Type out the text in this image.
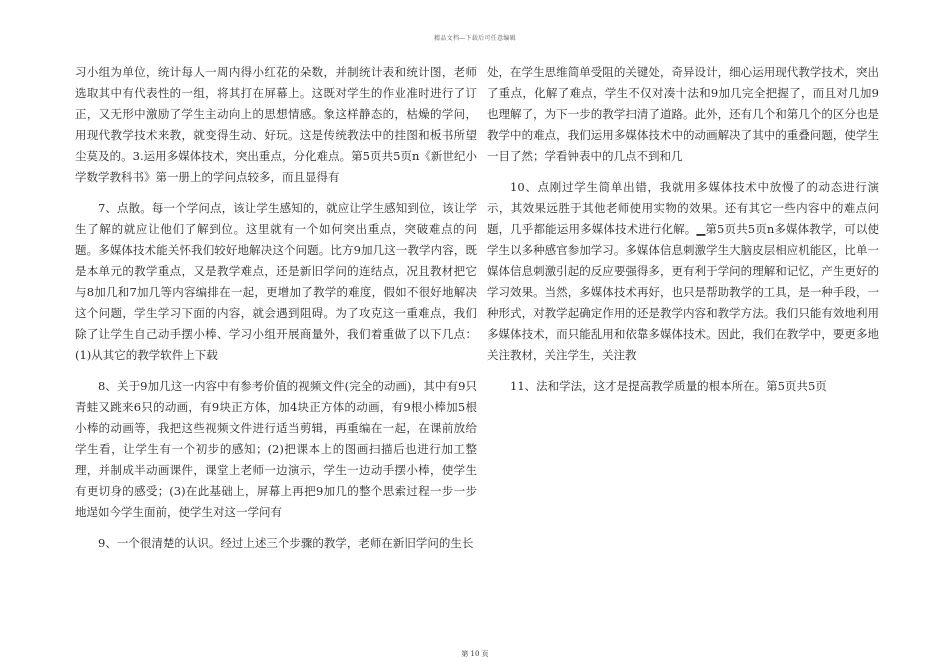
精品文档—下载后可任意编辑

习小组为单位，统计每人一周内得小红花的朵数，并制统计表和统计图，老师选取其中有代表性的一组，将其打在屏幕上。这既对学生的作业准时进行了订正，又无形中激励了学生主动向上的思想情感。象这样静态的，枯燥的学问，用现代教学技术来教，就变得生动、好玩。这是传统教法中的挂图和板书所望尘莫及的。3.运用多媒体技术，突出重点，分化难点。第5页共5页n《新世纪小学数学教科书》第一册上的学问点较多，而且显得有

7、点散。每一个学问点，该让学生感知的，就应让学生感知到位，该让学生了解的就应让他们了解到位。这里就有一个如何突出重点，突破难点的问题。多媒体技术能关怀我们较好地解决这个问题。比方9加几这一教学内容，既是本单元的教学重点，又是教学难点，还是新旧学问的连结点，况且教材把它与8加几和7加几等内容编排在一起，更增加了教学的难度，假如不很好地解决这个问题，学生学习下面的内容，就会遇到阻碍。为了攻克这一重难点，我们除了让学生自己动手摆小棒、学习小组开展商量外，我们着重做了以下几点：(1)从其它的教学软件上下载

8、关于9加几这一内容中有参考价值的视频文件(完全的动画)，其中有9只青蛙又跳来6只的动画，有9块正方体，加4块正方体的动画，有9根小棒加5根小棒的动画等，我把这些视频文件进行适当剪辑，再重编在一起，在课前放给学生看，让学生有一个初步的感知；(2)把课本上的图画扫描后也进行加工整理，并制成半动画课件，课堂上老师一边演示，学生一边动手摆小棒，使学生有更切身的感受；(3)在此基础上，屏幕上再把9加几的整个思索过程一步一步地逞如今学生面前，使学生对这一学问有

9、一个很清楚的认识。经过上述三个步骤的教学，老师在新旧学问的生长

处，在学生思维简单受阻的关键处，奇异设计，细心运用现代教学技术，突出了重点，化解了难点，学生不仅对凑十法和9加几完全把握了，而且对几加9也理解了，为下一步的教学扫清了道路。此外，还有几个和第几个的区分也是教学中的难点，我们运用多媒体技术中的动画解决了其中的重叠问题，使学生一目了然；学看钟表中的几点不到和几

10、点刚过学生简单出错，我就用多媒体技术中放慢了的动态进行演示，其效果远胜于其他老师使用实物的效果。还有其它一些内容中的难点问题，几乎都能运用多媒体技术进行化解。▁第5页共5页n多媒体教学，可以使学生以多种感官参加学习。多媒体信息刺激学生大脑皮层相应机能区，比单一媒体信息刺激引起的反应要强得多，更有利于学问的理解和记忆，产生更好的学习效果。当然，多媒体技术再好，也只是帮助教学的工具，是一种手段，一种形式，对教学起确定作用的还是教学内容和教学方法。我们只能有效地利用多媒体技术，而只能乱用和依靠多媒体技术。因此，我们在教学中，要更多地关注教材，关注学生，关注教

11、法和学法，这才是提高教学质量的根本所在。第5页共5页

第 10 页
